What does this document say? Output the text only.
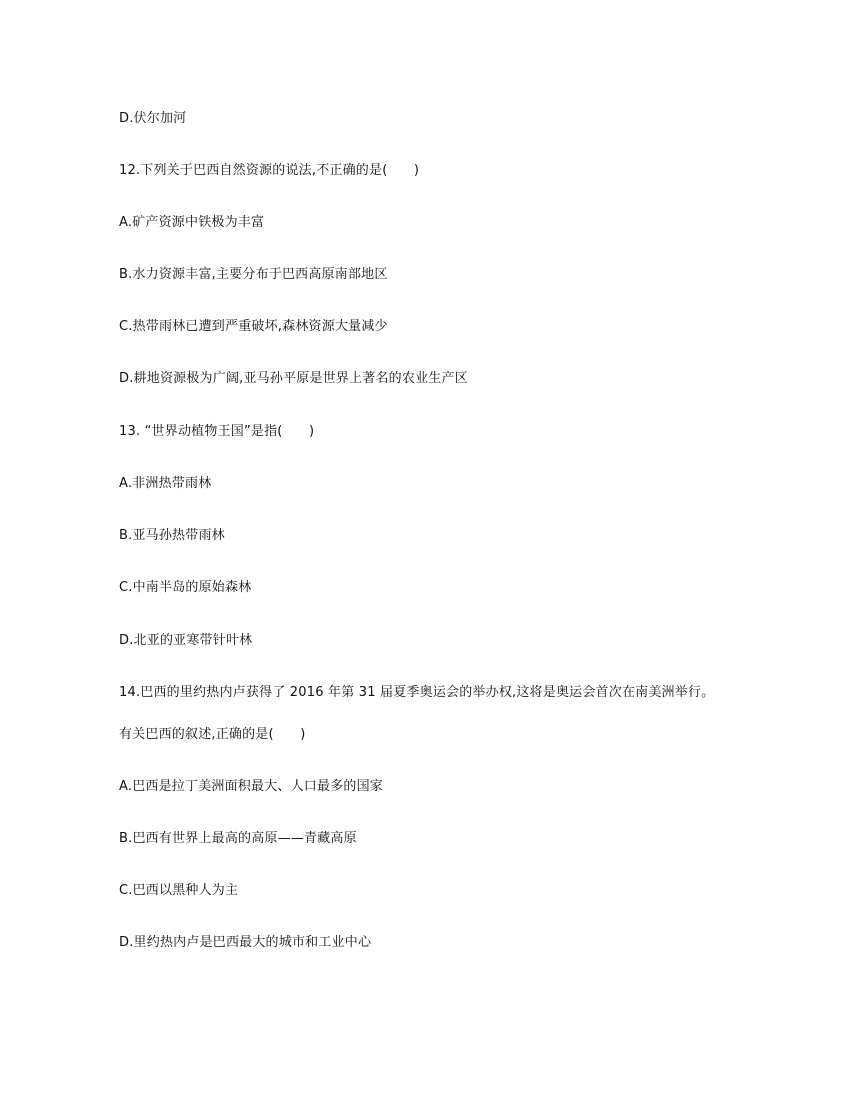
D.伏尔加河
12.下列关于巴西自然资源的说法,不正确的是(　　)
A.矿产资源中铁极为丰富
B.水力资源丰富,主要分布于巴西高原南部地区
C.热带雨林已遭到严重破坏,森林资源大量减少
D.耕地资源极为广阔,亚马孙平原是世界上著名的农业生产区
13. “世界动植物王国”是指(　　)
A.非洲热带雨林
B.亚马孙热带雨林
C.中南半岛的原始森林
D.北亚的亚寒带针叶林
14.巴西的里约热内卢获得了 2016 年第 31 届夏季奥运会的举办权,这将是奥运会首次在南美洲举行。
有关巴西的叙述,正确的是(　　)
A.巴西是拉丁美洲面积最大、人口最多的国家
B.巴西有世界上最高的高原——青藏高原
C.巴西以黑种人为主
D.里约热内卢是巴西最大的城市和工业中心
